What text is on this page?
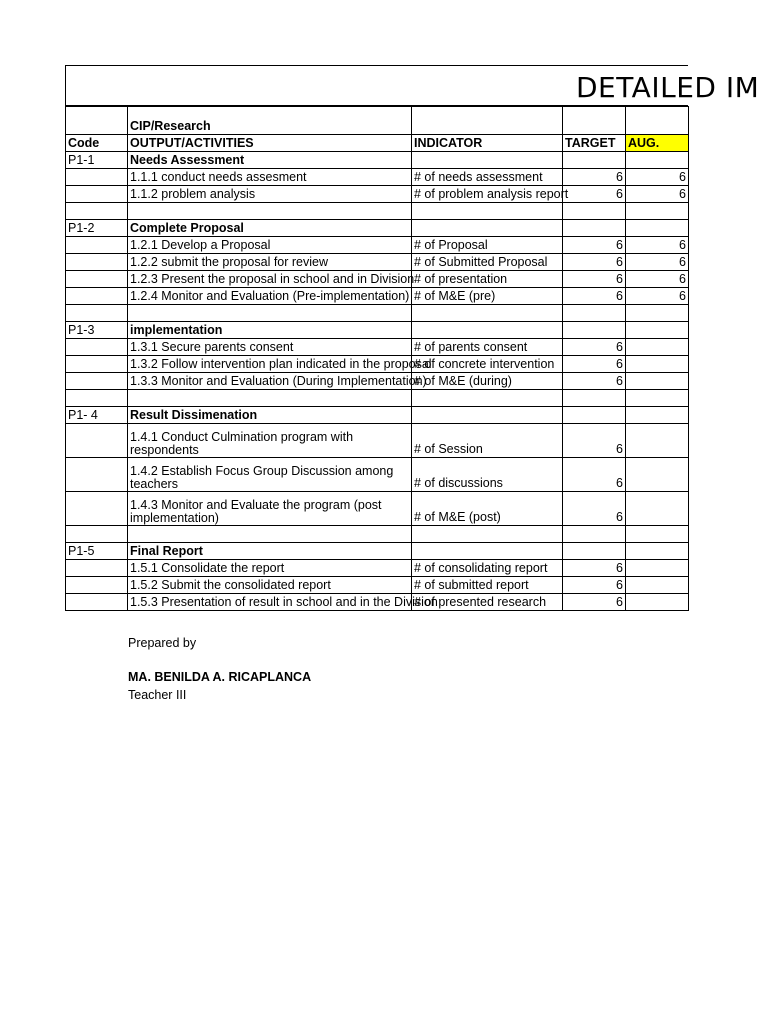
DETAILED IM
	CIP/Research			
Code	OUTPUT/ACTIVITIES	INDICATOR	TARGET	AUG.
P1-1	Needs Assessment			
	1.1.1 conduct needs assesment	# of needs assessment	6	6
	1.1.2 problem analysis	# of problem analysis report	6	6

P1-2	Complete Proposal			
	1.2.1 Develop a Proposal	# of Proposal	6	6
	1.2.2 submit the proposal for review	# of Submitted Proposal	6	6
	1.2.3 Present the proposal in school and in Division	# of presentation	6	6
	1.2.4 Monitor and Evaluation (Pre-implementation)	# of M&E (pre)	6	6

P1-3	implementation			
	1.3.1 Secure parents consent	# of parents consent	6	
	1.3.2 Follow intervention plan indicated in the proposal	# of concrete intervention	6	
	1.3.3 Monitor and Evaluation (During Implementation)	# of M&E (during)	6	

P1- 4	Result Dissimenation			
	1.4.1 Conduct Culmination program with respondents	# of Session	6	
	1.4.2 Establish Focus Group Discussion among teachers	# of discussions	6	
	1.4.3 Monitor and Evaluate the program (post implementation)	# of M&E (post)	6	

P1-5	Final Report			
	1.5.1 Consolidate the report	# of consolidating report	6	
	1.5.2 Submit the consolidated report	# of submitted report	6	
	1.5.3 Presentation of result in school and in the Division	# of presented research	6	
Prepared by
MA. BENILDA A. RICAPLANCA
Teacher III
